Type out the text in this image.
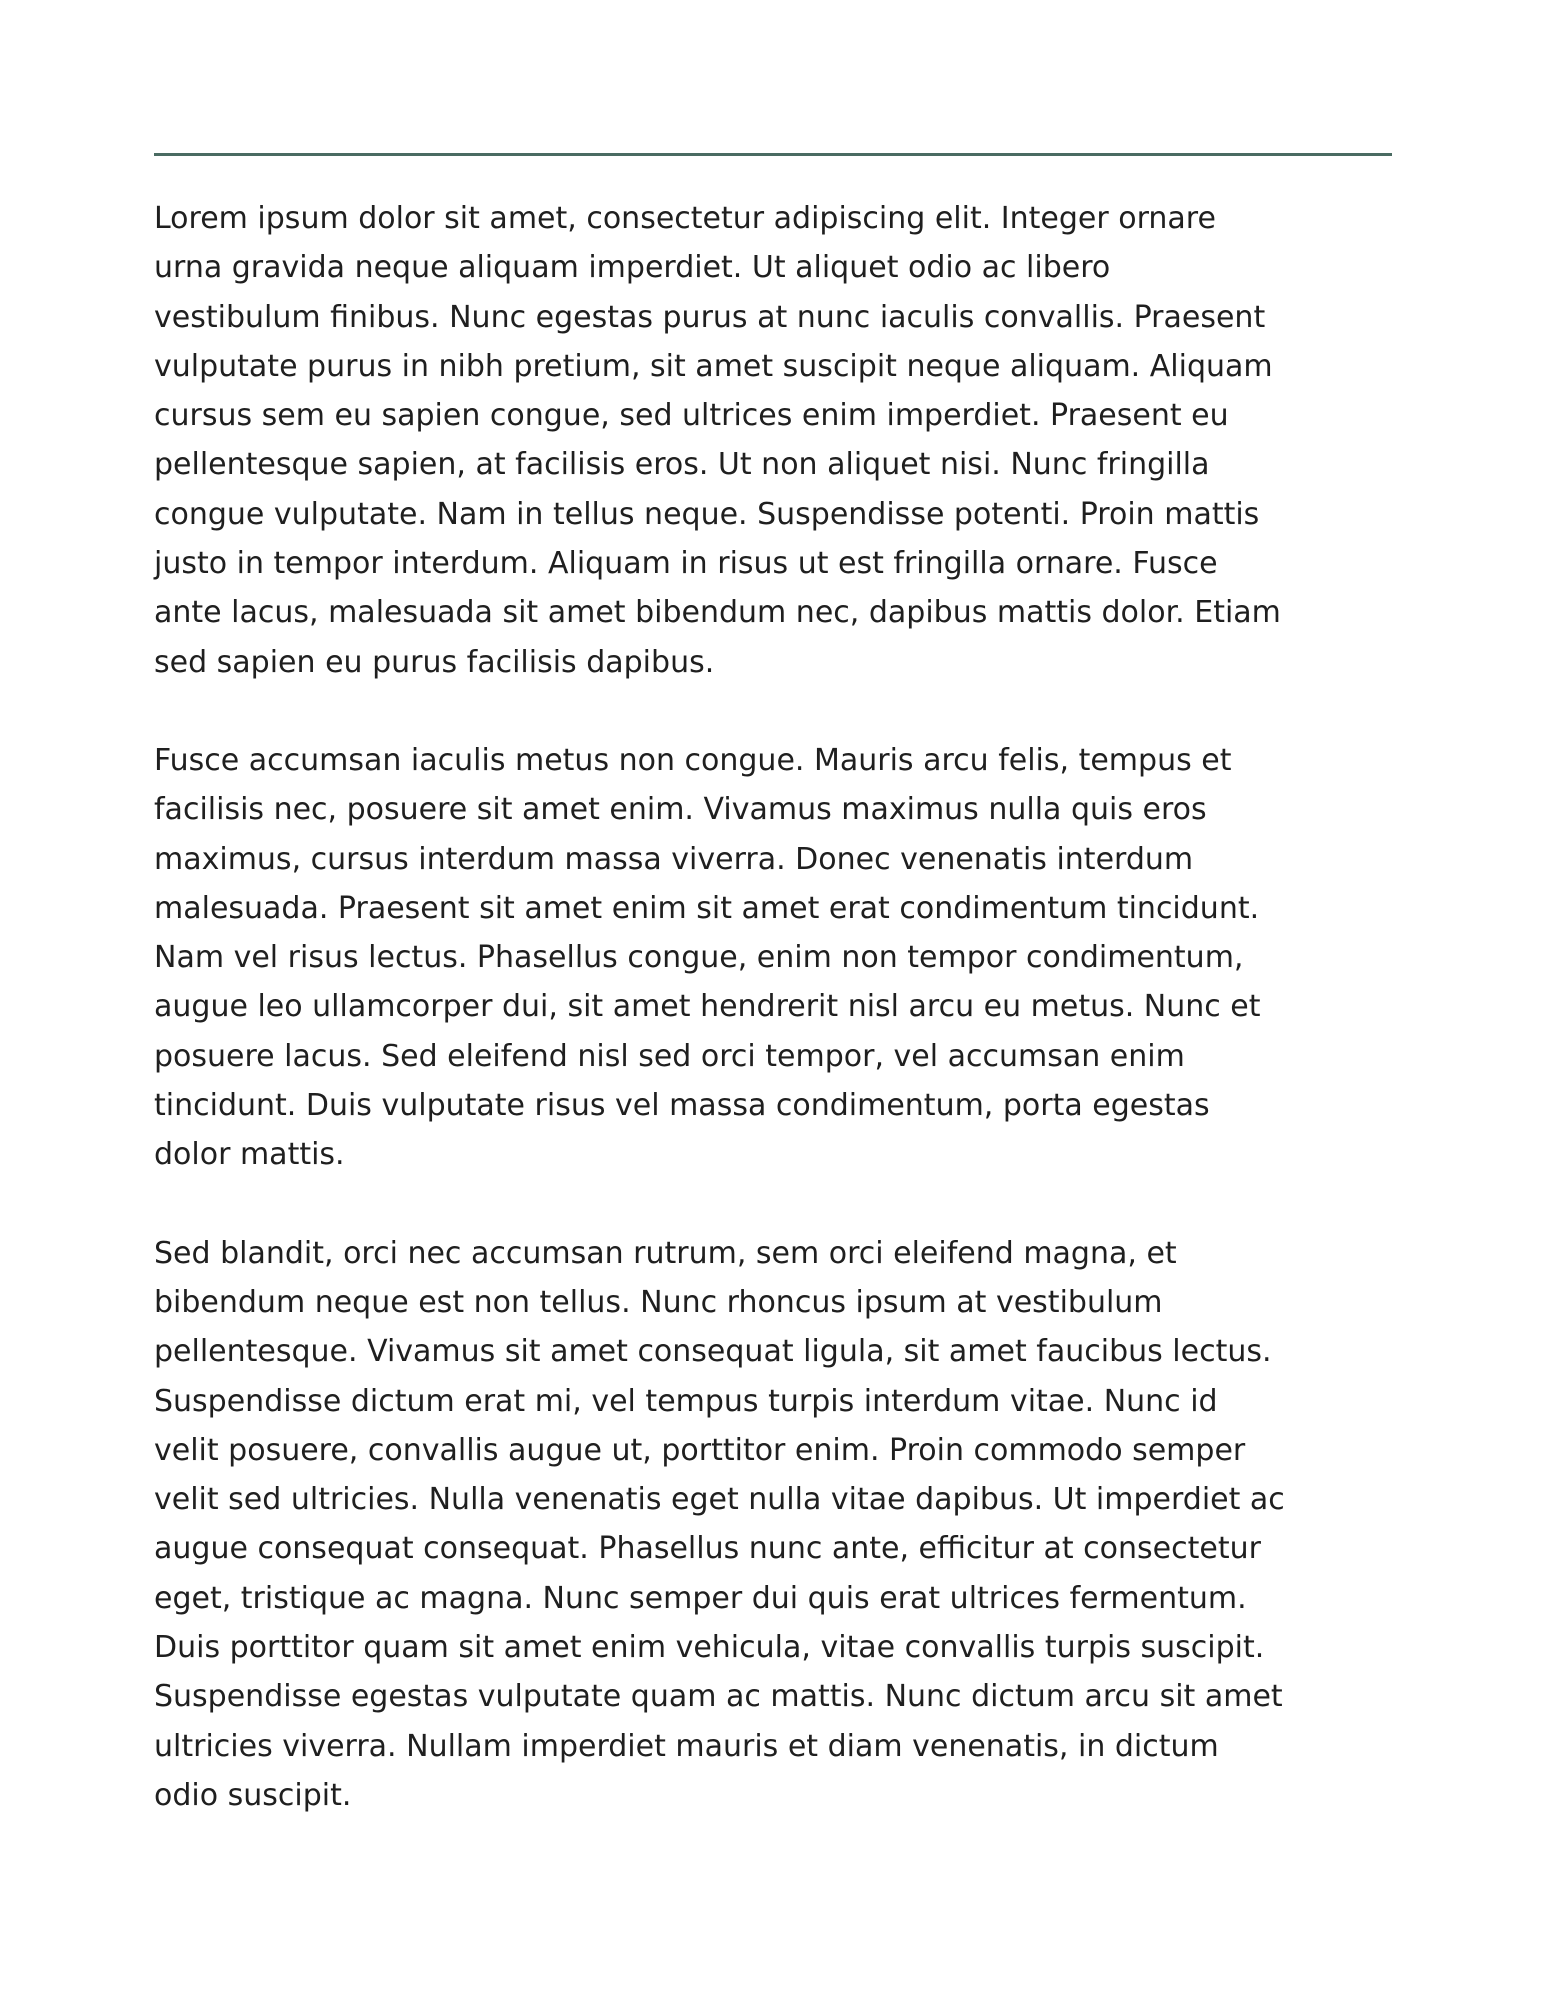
Lorem ipsum dolor sit amet, consectetur adipiscing elit. Integer ornare
urna gravida neque aliquam imperdiet. Ut aliquet odio ac libero
vestibulum finibus. Nunc egestas purus at nunc iaculis convallis. Praesent
vulputate purus in nibh pretium, sit amet suscipit neque aliquam. Aliquam
cursus sem eu sapien congue, sed ultrices enim imperdiet. Praesent eu
pellentesque sapien, at facilisis eros. Ut non aliquet nisi. Nunc fringilla
congue vulputate. Nam in tellus neque. Suspendisse potenti. Proin mattis
justo in tempor interdum. Aliquam in risus ut est fringilla ornare. Fusce
ante lacus, malesuada sit amet bibendum nec, dapibus mattis dolor. Etiam
sed sapien eu purus facilisis dapibus.

Fusce accumsan iaculis metus non congue. Mauris arcu felis, tempus et
facilisis nec, posuere sit amet enim. Vivamus maximus nulla quis eros
maximus, cursus interdum massa viverra. Donec venenatis interdum
malesuada. Praesent sit amet enim sit amet erat condimentum tincidunt.
Nam vel risus lectus. Phasellus congue, enim non tempor condimentum,
augue leo ullamcorper dui, sit amet hendrerit nisl arcu eu metus. Nunc et
posuere lacus. Sed eleifend nisl sed orci tempor, vel accumsan enim
tincidunt. Duis vulputate risus vel massa condimentum, porta egestas
dolor mattis.

Sed blandit, orci nec accumsan rutrum, sem orci eleifend magna, et
bibendum neque est non tellus. Nunc rhoncus ipsum at vestibulum
pellentesque. Vivamus sit amet consequat ligula, sit amet faucibus lectus.
Suspendisse dictum erat mi, vel tempus turpis interdum vitae. Nunc id
velit posuere, convallis augue ut, porttitor enim. Proin commodo semper
velit sed ultricies. Nulla venenatis eget nulla vitae dapibus. Ut imperdiet ac
augue consequat consequat. Phasellus nunc ante, efficitur at consectetur
eget, tristique ac magna. Nunc semper dui quis erat ultrices fermentum.
Duis porttitor quam sit amet enim vehicula, vitae convallis turpis suscipit.
Suspendisse egestas vulputate quam ac mattis. Nunc dictum arcu sit amet
ultricies viverra. Nullam imperdiet mauris et diam venenatis, in dictum
odio suscipit.
